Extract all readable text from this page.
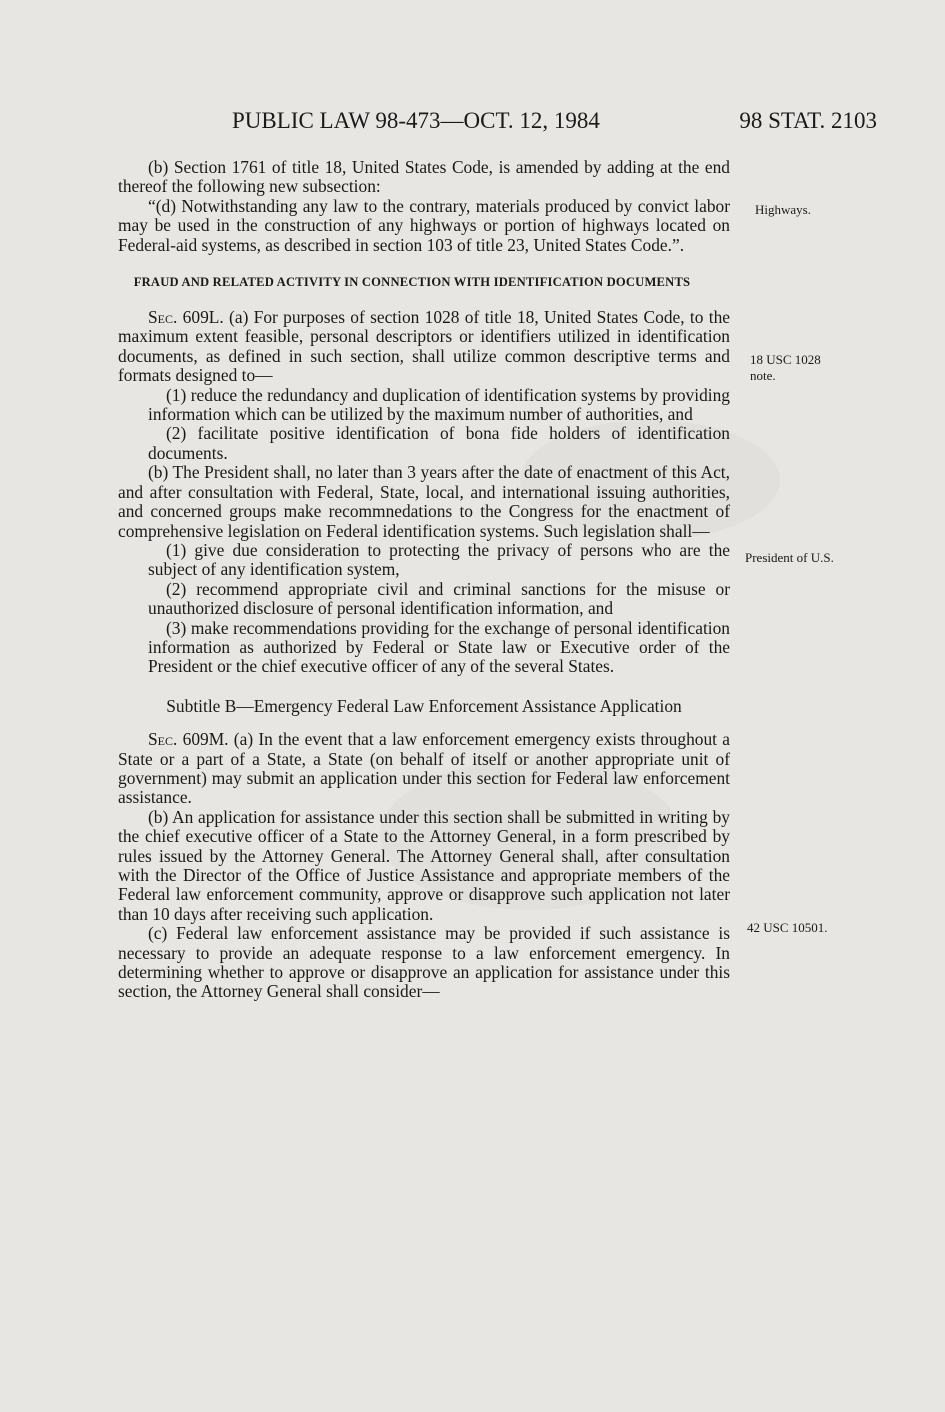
PUBLIC LAW 98-473—OCT. 12, 1984	98 STAT. 2103

(b) Section 1761 of title 18, United States Code, is amended by adding at the end thereof the following new subsection:

“(d) Notwithstanding any law to the contrary, materials produced by convict labor may be used in the construction of any highways or portion of highways located on Federal-aid systems, as described in section 103 of title 23, United States Code.”.

FRAUD AND RELATED ACTIVITY IN CONNECTION WITH IDENTIFICATION DOCUMENTS

Sec. 609L. (a) For purposes of section 1028 of title 18, United States Code, to the maximum extent feasible, personal descriptors or identifiers utilized in identification documents, as defined in such section, shall utilize common descriptive terms and formats designed to—

(1) reduce the redundancy and duplication of identification systems by providing information which can be utilized by the maximum number of authorities, and

(2) facilitate positive identification of bona fide holders of identification documents.

(b) The President shall, no later than 3 years after the date of enactment of this Act, and after consultation with Federal, State, local, and international issuing authorities, and concerned groups make recommnedations to the Congress for the enactment of comprehensive legislation on Federal identification systems. Such legislation shall—

(1) give due consideration to protecting the privacy of persons who are the subject of any identification system,

(2) recommend appropriate civil and criminal sanctions for the misuse or unauthorized disclosure of personal identification information, and

(3) make recommendations providing for the exchange of personal identification information as authorized by Federal or State law or Executive order of the President or the chief executive officer of any of the several States.

Subtitle B—Emergency Federal Law Enforcement Assistance Application

Sec. 609M. (a) In the event that a law enforcement emergency exists throughout a State or a part of a State, a State (on behalf of itself or another appropriate unit of government) may submit an application under this section for Federal law enforcement assistance.

(b) An application for assistance under this section shall be submitted in writing by the chief executive officer of a State to the Attorney General, in a form prescribed by rules issued by the Attorney General. The Attorney General shall, after consultation with the Director of the Office of Justice Assistance and appropriate members of the Federal law enforcement community, approve or disapprove such application not later than 10 days after receiving such application.

(c) Federal law enforcement assistance may be provided if such assistance is necessary to provide an adequate response to a law enforcement emergency. In determining whether to approve or disapprove an application for assistance under this section, the Attorney General shall consider—

Highways.
18 USC 1028
note.
President of U.S.
42 USC 10501.
